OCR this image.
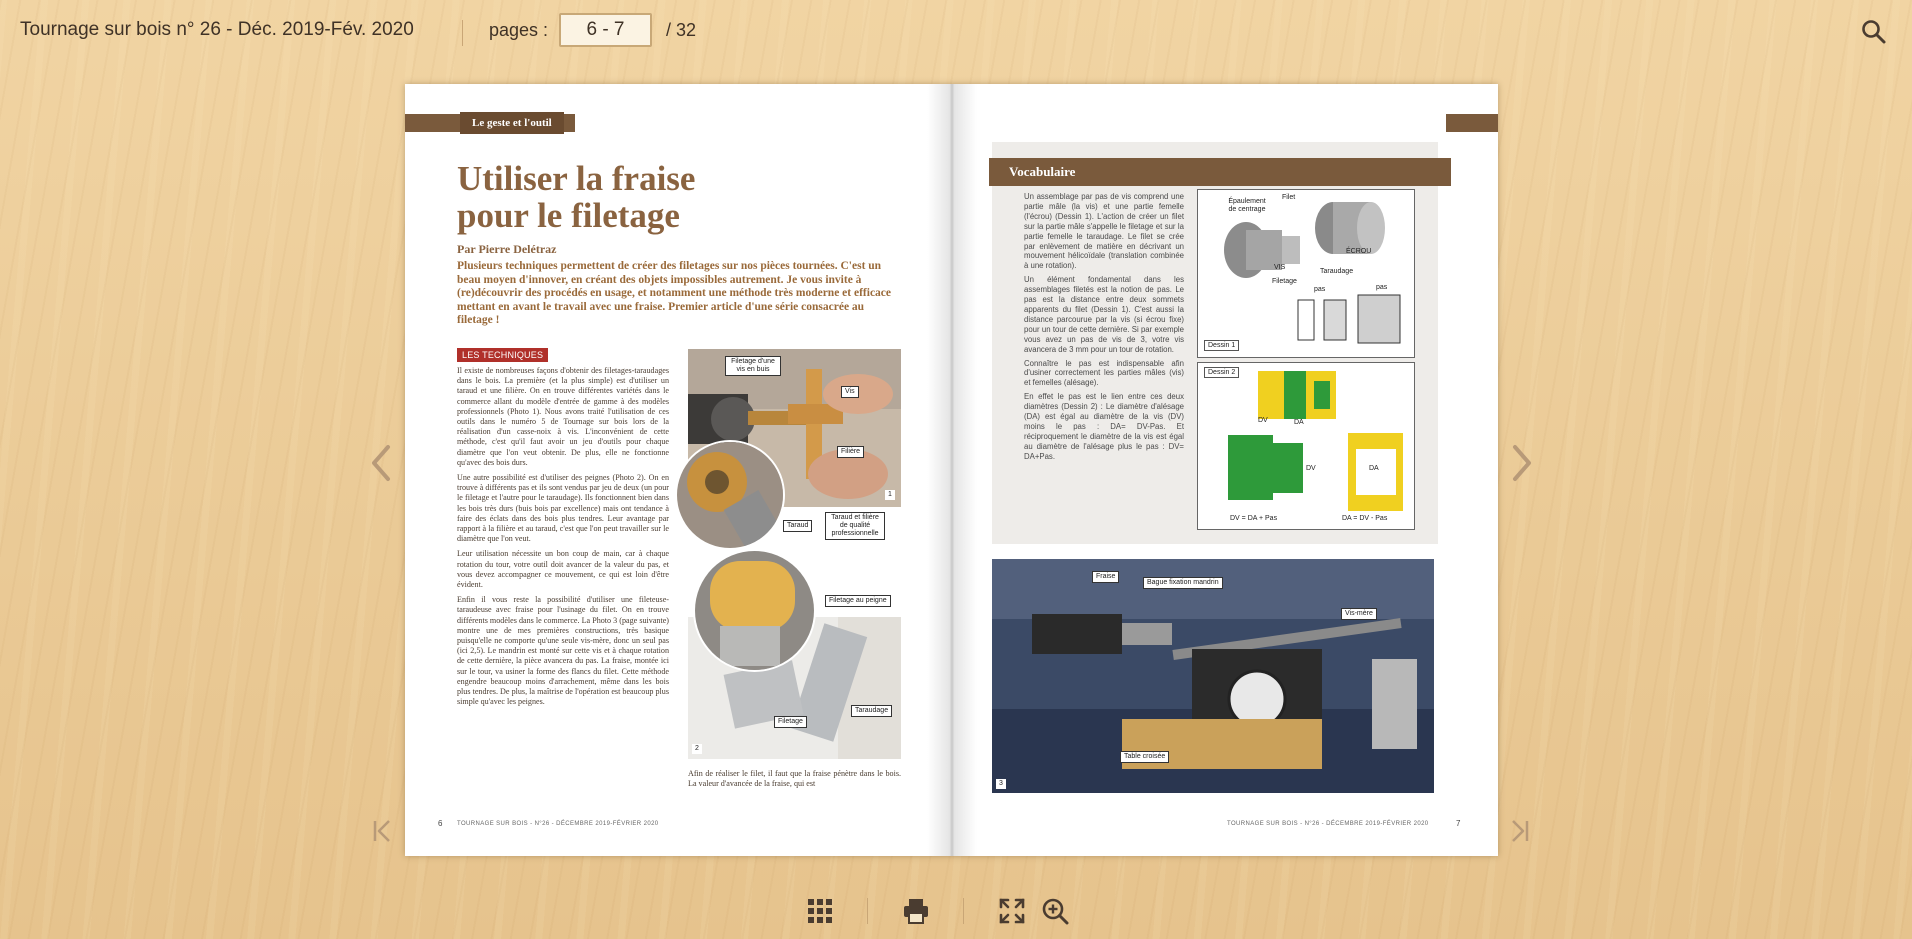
Tournage sur bois n° 26 - Déc. 2019-Fév. 2020	pages :
6 - 7	/ 32
Le geste et l'outil
Utiliser la fraise
pour le filetage
Par Pierre Delétraz

Plusieurs techniques permettent de créer des filetages sur nos pièces tournées. C'est un beau moyen d'innover, en créant des objets impossibles autrement. Je vous invite à (re)découvrir des procédés en usage, et notamment une méthode très moderne et efficace mettant en avant le travail avec une fraise. Premier article d'une série consacrée au filetage !

LES TECHNIQUES

Il existe de nombreuses façons d'obtenir des filetages-taraudages dans le bois. La première (et la plus simple) est d'utiliser un taraud et une filière. On en trouve différentes variétés dans le commerce allant du modèle d'entrée de gamme à des modèles professionnels (Photo 1). Nous avons traité l'utilisation de ces outils dans le numéro 5 de Tournage sur bois lors de la réalisation d'un casse-noix à vis. L'inconvénient de cette méthode, c'est qu'il faut avoir un jeu d'outils pour chaque diamètre que l'on veut obtenir. De plus, elle ne fonctionne qu'avec des bois durs.

Une autre possibilité est d'utiliser des peignes (Photo 2). On en trouve à différents pas et ils sont vendus par jeu de deux (un pour le filetage et l'autre pour le taraudage). Ils fonctionnent bien dans les bois très durs (buis bois par excellence) mais ont tendance à faire des éclats dans des bois plus tendres. Leur avantage par rapport à la filière et au taraud, c'est que l'on peut travailler sur le diamètre que l'on veut.

Leur utilisation nécessite un bon coup de main, car à chaque rotation du tour, votre outil doit avancer de la valeur du pas, et vous devez accompagner ce mouvement, ce qui est loin d'être évident.

Enfin il vous reste la possibilité d'utiliser une fileteuse-taraudeuse avec fraise pour l'usinage du filet. On en trouve différents modèles dans le commerce. La Photo 3 (page suivante) montre une de mes premières constructions, très basique puisqu'elle ne comporte qu'une seule vis-mère, donc un seul pas (ici 2,5). Le mandrin est monté sur cette vis et à chaque rotation de cette dernière, la pièce avancera du pas. La fraise, montée ici sur le tour, va usiner la forme des flancs du filet. Cette méthode engendre beaucoup moins d'arrachement, même dans les bois plus tendres. De plus, la maîtrise de l'opération est beaucoup plus simple qu'avec les peignes.

Filetage d'une vis en buis
Vis
Filière
1
Taraud
Taraud et filière de qualité professionnelle
Taraudage
Filetage
2
Filetage au peigne

Afin de réaliser le filet, il faut que la fraise pénètre dans le bois. La valeur d'avancée de la fraise, qui est

6 TOURNAGE SUR BOIS - N°26 - DÉCEMBRE 2019-FÉVRIER 2020
Vocabulaire

Un assemblage par pas de vis comprend une partie mâle (la vis) et une partie femelle (l'écrou) (Dessin 1). L'action de créer un filet sur la partie mâle s'appelle le filetage et sur la partie femelle le taraudage. Le filet se crée par enlèvement de matière en décrivant un mouvement hélicoïdale (translation combinée à une rotation).

Un élément fondamental dans les assemblages filetés est la notion de pas. Le pas est la distance entre deux sommets apparents du filet (Dessin 1). C'est aussi la distance parcourue par la vis (si écrou fixe) pour un tour de cette dernière. Si par exemple vous avez un pas de vis de 3, votre vis avancera de 3 mm pour un tour de rotation.

Connaître le pas est indispensable afin d'usiner correctement les parties mâles (vis) et femelles (alésage).

En effet le pas est le lien entre ces deux diamètres (Dessin 2) : Le diamètre d'alésage (DA) est égal au diamètre de la vis (DV) moins le pas : DA= DV-Pas. Et réciproquement le diamètre de la vis est égal au diamètre de l'alésage plus le pas : DV= DA+Pas.

Épaulement de centrage
Filet
VIS
ÉCROU
Filetage
Taraudage
pas	pas
Dessin 1
DV	DA
DV	DA
DV = DA + Pas	DA = DV - Pas
Dessin 2
Fraise
Bague fixation mandrin
Vis-mère
Table croisée
3
TOURNAGE SUR BOIS - N°26 - DÉCEMBRE 2019-FÉVRIER 2020	7
